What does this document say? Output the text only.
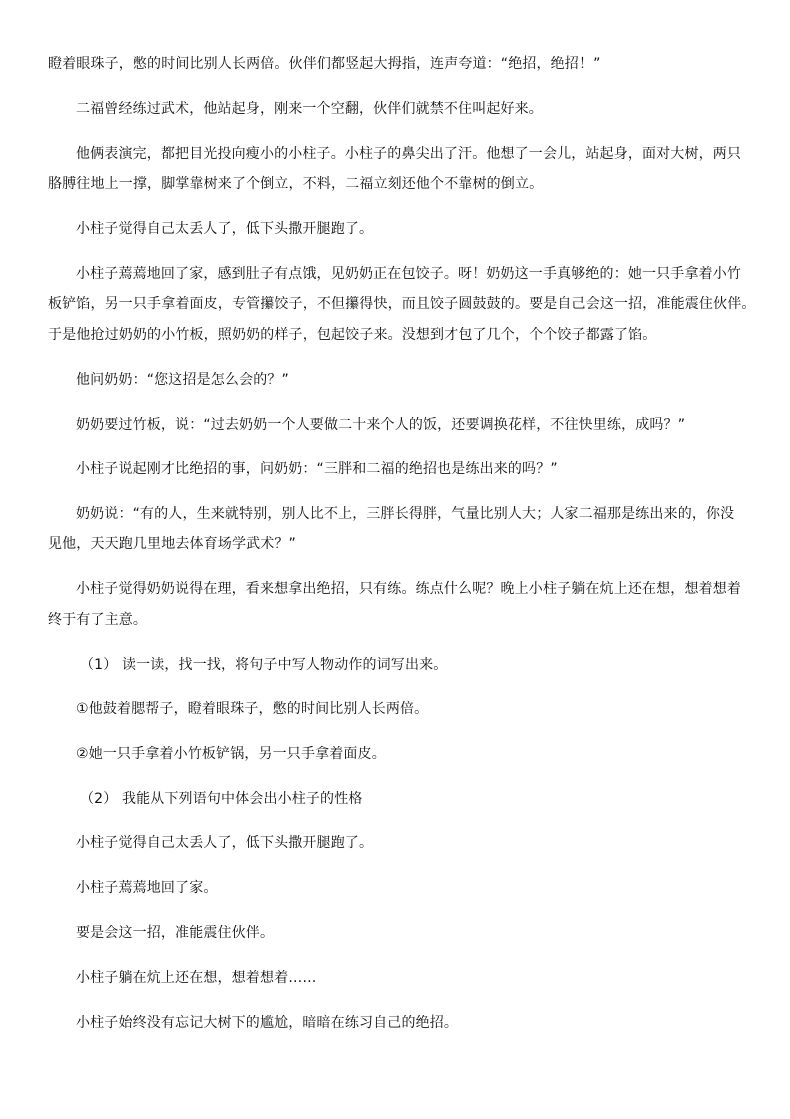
瞪着眼珠子，憋的时间比别人长两倍。伙伴们都竖起大拇指，连声夸道：“绝招，绝招！”
二福曾经练过武术，他站起身，刚来一个空翻，伙伴们就禁不住叫起好来。
他俩表演完，都把目光投向瘦小的小柱子。小柱子的鼻尖出了汗。他想了一会儿，站起身，面对大树，两只
胳膊往地上一撑，脚掌靠树来了个倒立，不料，二福立刻还他个不靠树的倒立。
小柱子觉得自己太丢人了，低下头撒开腿跑了。
小柱子蔫蔫地回了家，感到肚子有点饿，见奶奶正在包饺子。呀！奶奶这一手真够绝的：她一只手拿着小竹
板铲馅，另一只手拿着面皮，专管攥饺子，不但攥得快，而且饺子圆鼓鼓的。要是自己会这一招，准能震住伙伴。
于是他抢过奶奶的小竹板，照奶奶的样子，包起饺子来。没想到才包了几个，个个饺子都露了馅。
他问奶奶：“您这招是怎么会的？”
奶奶要过竹板，说：“过去奶奶一个人要做二十来个人的饭，还要调换花样，不往快里练，成吗？”
小柱子说起刚才比绝招的事，问奶奶：“三胖和二福的绝招也是练出来的吗？”
奶奶说：“有的人，生来就特别，别人比不上，三胖长得胖，气量比别人大；人家二福那是练出来的，你没
见他，天天跑几里地去体育场学武术？”
小柱子觉得奶奶说得在理，看来想拿出绝招，只有练。练点什么呢？晚上小柱子躺在炕上还在想，想着想着
终于有了主意。
（1） 读一读，找一找，将句子中写人物动作的词写出来。
①他鼓着腮帮子，瞪着眼珠子，憋的时间比别人长两倍。
②她一只手拿着小竹板铲锅，另一只手拿着面皮。
（2） 我能从下列语句中体会出小柱子的性格
小柱子觉得自己太丢人了，低下头撒开腿跑了。
小柱子蔫蔫地回了家。
要是会这一招，准能震住伙伴。
小柱子躺在炕上还在想，想着想着……
小柱子始终没有忘记大树下的尴尬，暗暗在练习自己的绝招。
